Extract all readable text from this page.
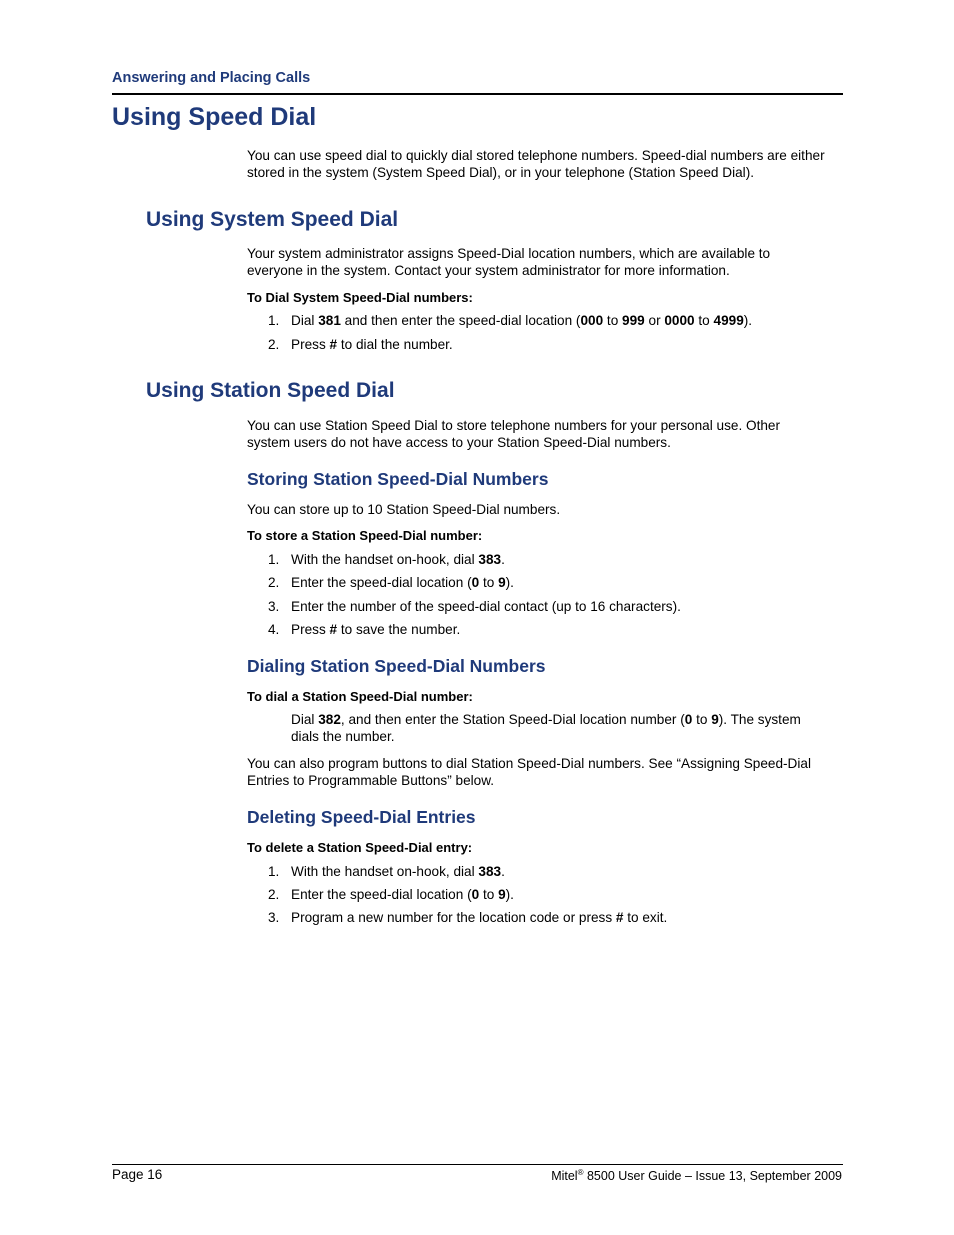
Answering and Placing Calls
Using Speed Dial
You can use speed dial to quickly dial stored telephone numbers. Speed-dial numbers are either
stored in the system (System Speed Dial), or in your telephone (Station Speed Dial).
Using System Speed Dial
Your system administrator assigns Speed-Dial location numbers, which are available to
everyone in the system. Contact your system administrator for more information.
To Dial System Speed-Dial numbers:
1. Dial 381 and then enter the speed-dial location (000 to 999 or 0000 to 4999).
2. Press # to dial the number.
Using Station Speed Dial
You can use Station Speed Dial to store telephone numbers for your personal use. Other
system users do not have access to your Station Speed-Dial numbers.
Storing Station Speed-Dial Numbers
You can store up to 10 Station Speed-Dial numbers.
To store a Station Speed-Dial number:
1. With the handset on-hook, dial 383.
2. Enter the speed-dial location (0 to 9).
3. Enter the number of the speed-dial contact (up to 16 characters).
4. Press # to save the number.
Dialing Station Speed-Dial Numbers
To dial a Station Speed-Dial number:
Dial 382, and then enter the Station Speed-Dial location number (0 to 9). The system
dials the number.
You can also program buttons to dial Station Speed-Dial numbers. See “Assigning Speed-Dial
Entries to Programmable Buttons” below.
Deleting Speed-Dial Entries
To delete a Station Speed-Dial entry:
1. With the handset on-hook, dial 383.
2. Enter the speed-dial location (0 to 9).
3. Program a new number for the location code or press # to exit.
Page 16	Mitel® 8500 User Guide – Issue 13, September 2009
